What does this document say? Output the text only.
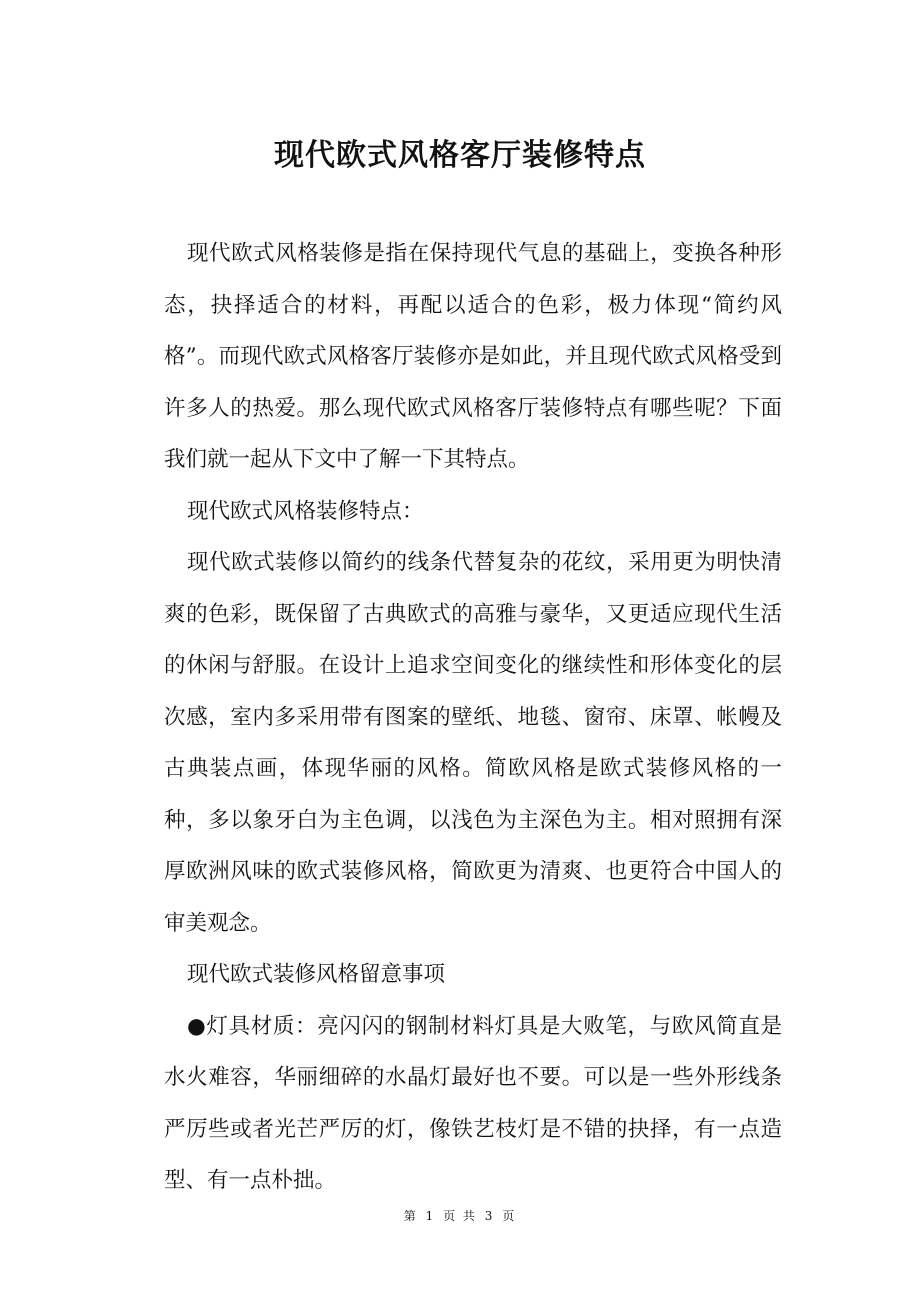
现代欧式风格客厅装修特点

现代欧式风格装修是指在保持现代气息的基础上，变换各种形态，抉择适合的材料，再配以适合的色彩，极力体现“简约风格”。而现代欧式风格客厅装修亦是如此，并且现代欧式风格受到许多人的热爱。那么现代欧式风格客厅装修特点有哪些呢？下面我们就一起从下文中了解一下其特点。

现代欧式风格装修特点：

现代欧式装修以简约的线条代替复杂的花纹，采用更为明快清爽的色彩，既保留了古典欧式的高雅与豪华，又更适应现代生活的休闲与舒服。在设计上追求空间变化的继续性和形体变化的层次感，室内多采用带有图案的壁纸、地毯、窗帘、床罩、帐幔及古典装点画，体现华丽的风格。简欧风格是欧式装修风格的一种，多以象牙白为主色调，以浅色为主深色为主。相对照拥有深厚欧洲风味的欧式装修风格，简欧更为清爽、也更符合中国人的审美观念。

现代欧式装修风格留意事项

●灯具材质：亮闪闪的钢制材料灯具是大败笔，与欧风简直是水火难容，华丽细碎的水晶灯最好也不要。可以是一些外形线条严厉些或者光芒严厉的灯，像铁艺枝灯是不错的抉择，有一点造型、有一点朴拙。

第 1 页 共 3 页
